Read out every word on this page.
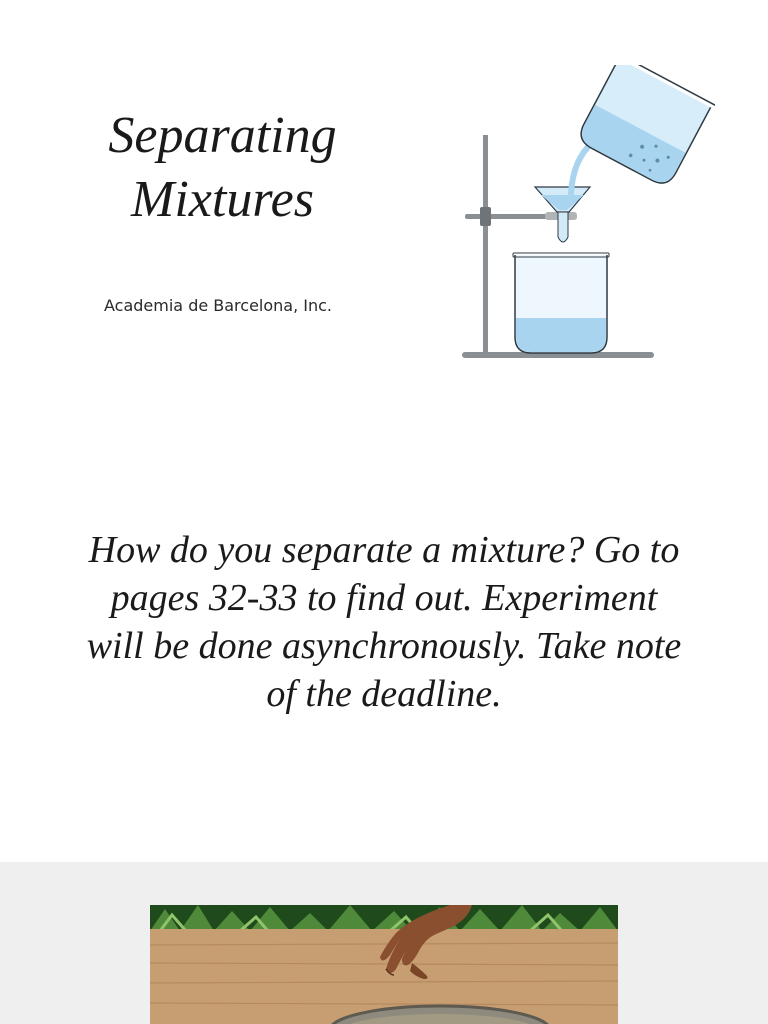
Separating
Mixtures
Academia de Barcelona, Inc.

How do you separate a mixture? Go to pages 32-33 to find out. Experiment will be done asynchronously. Take note of the deadline.
